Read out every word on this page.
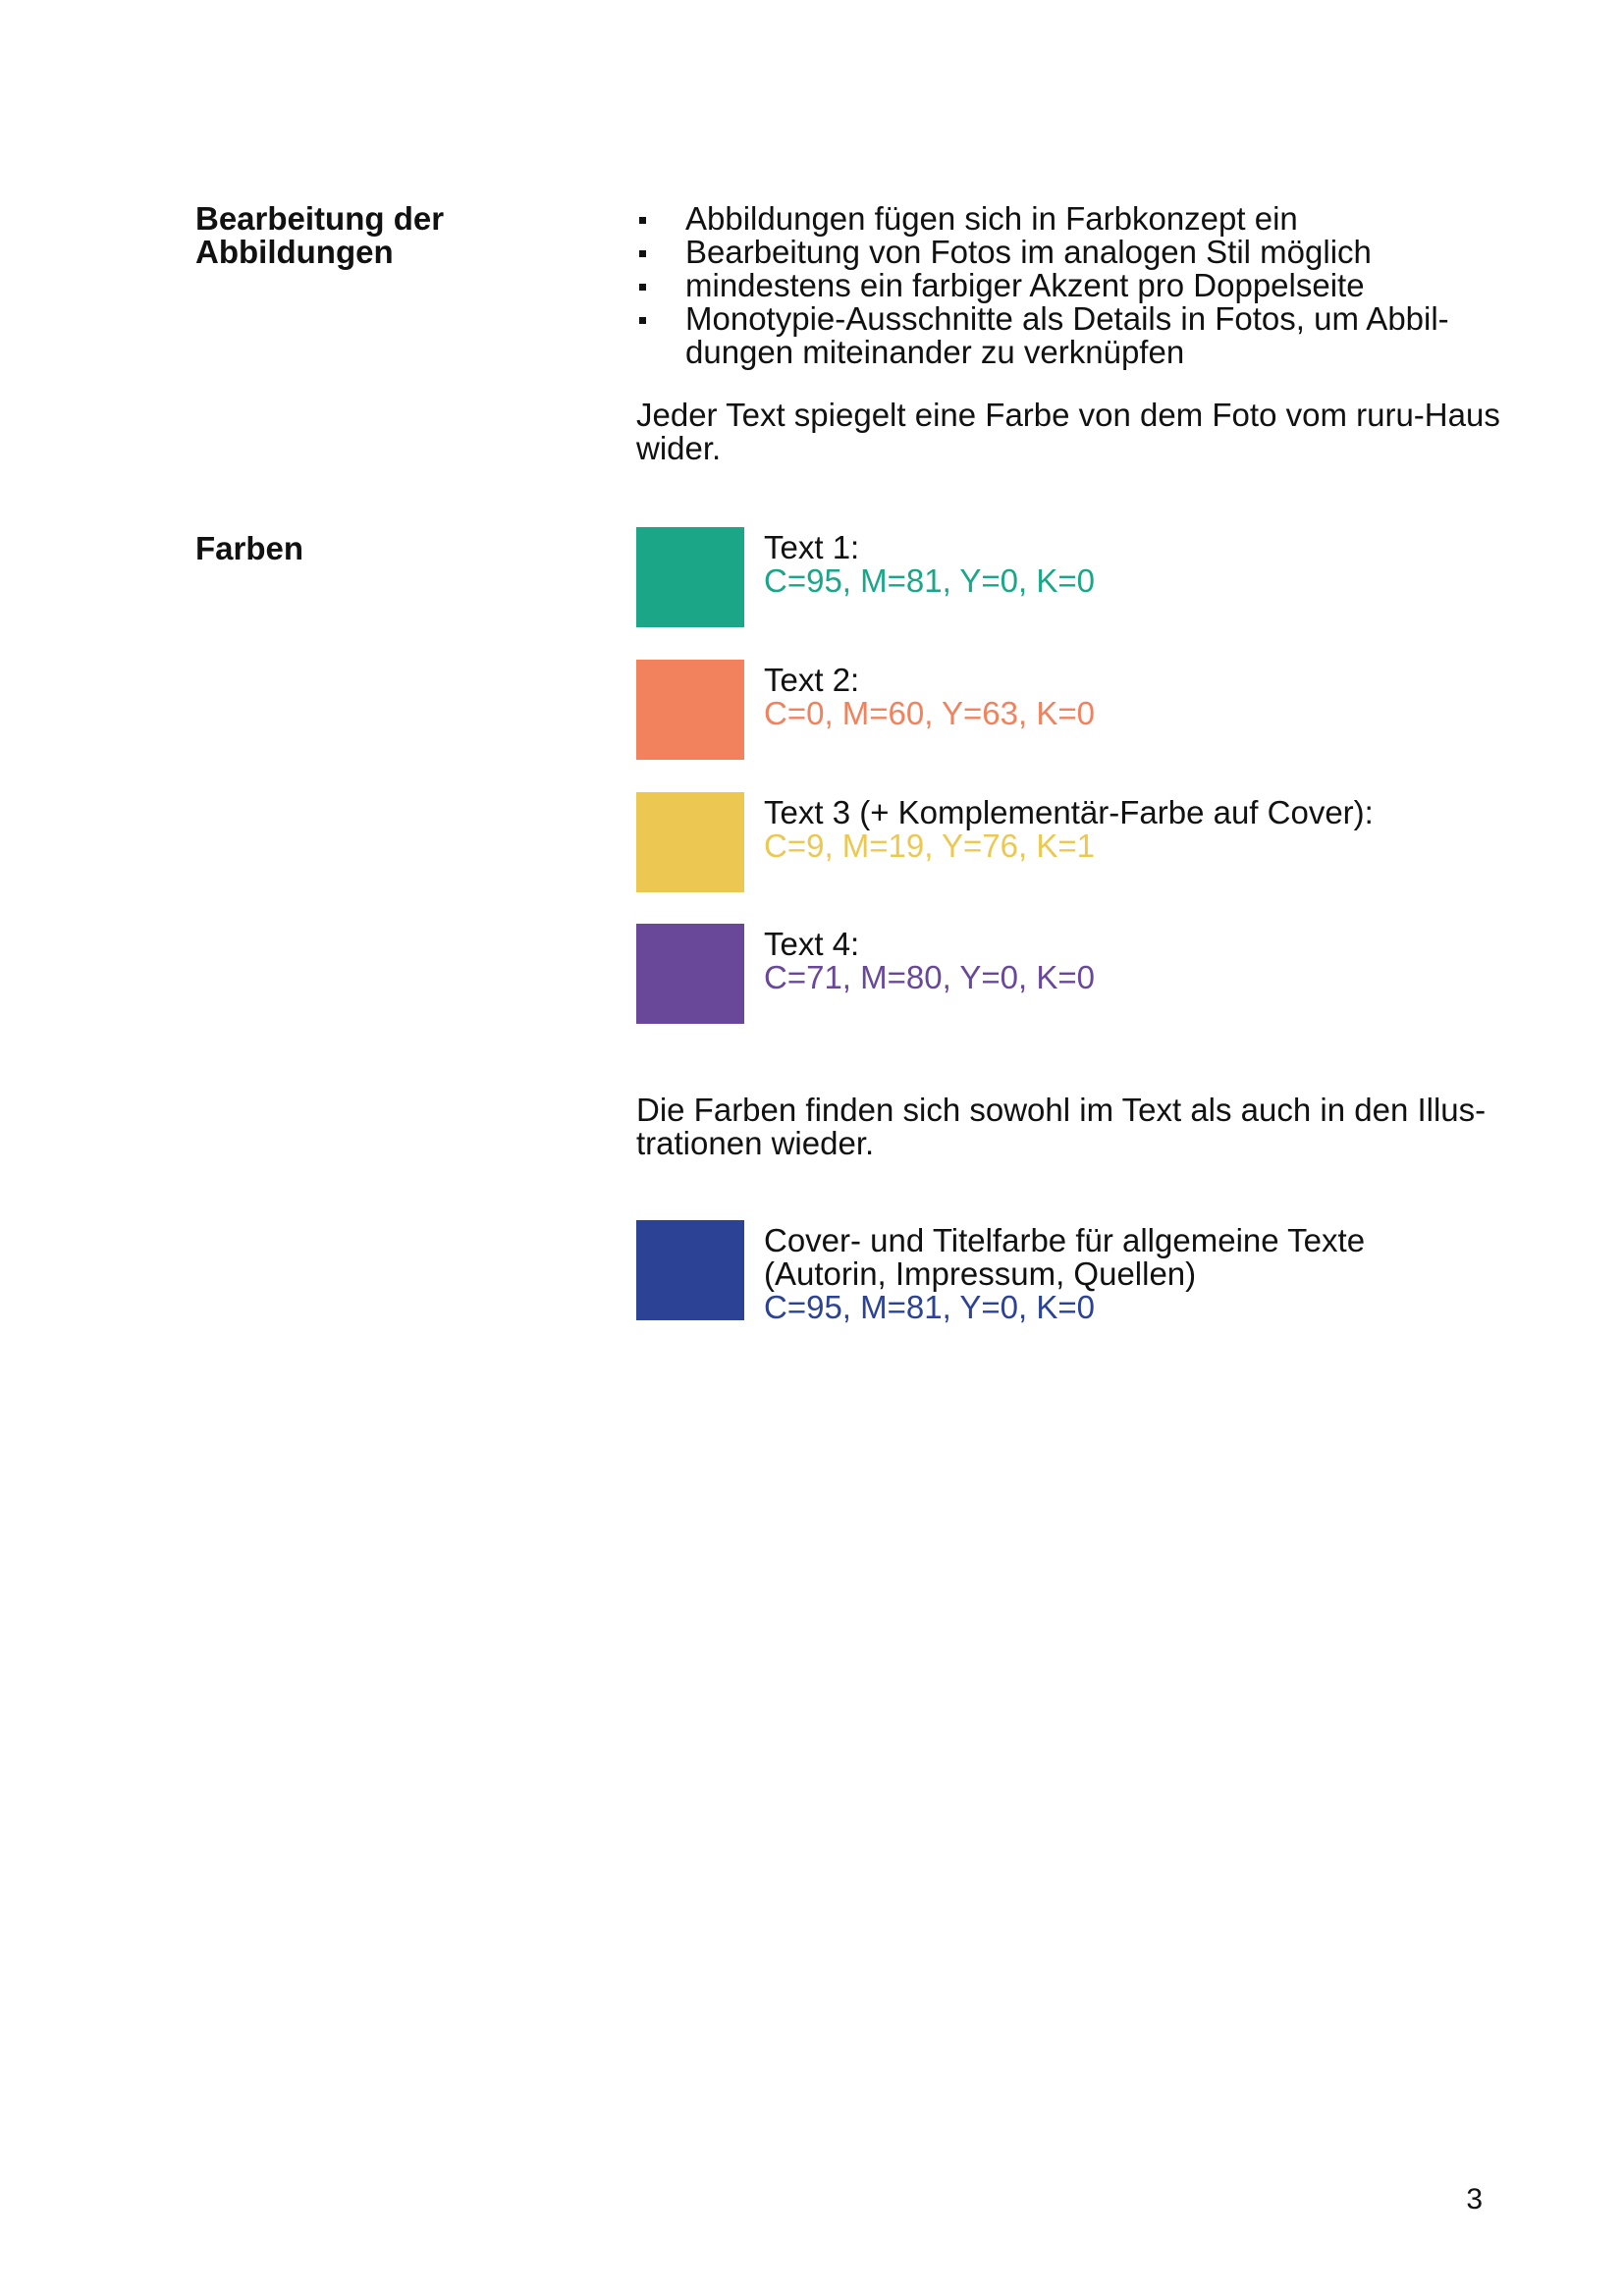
Bearbeitung der Abbildungen
Abbildungen fügen sich in Farbkonzept ein
Bearbeitung von Fotos im analogen Stil möglich
mindestens ein farbiger Akzent pro Doppelseite
Monotypie-Ausschnitte als Details in Fotos, um Abbil-dungen miteinander zu verknüpfen

Jeder Text spiegelt eine Farbe von dem Foto vom ruru-Haus wider.

Farben	Text 1:
C=95, M=81, Y=0, K=0
Text 2:
C=0, M=60, Y=63, K=0
Text 3 (+ Komplementär-Farbe auf Cover):
C=9, M=19, Y=76, K=1
Text 4:
C=71, M=80, Y=0, K=0

Die Farben finden sich sowohl im Text als auch in den Illus-trationen wieder.

Cover- und Titelfarbe für allgemeine Texte
(Autorin, Impressum, Quellen)
C=95, M=81, Y=0, K=0
3
